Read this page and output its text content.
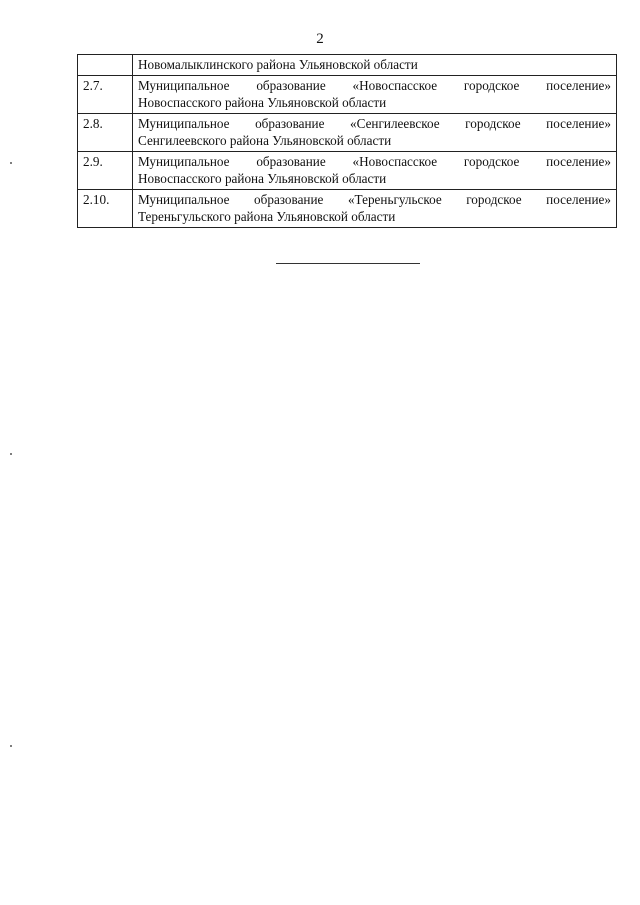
2

	Новомалыклинского района Ульяновской области

2.7.	Муниципальное образование «Новоспасское городское поселение»
Новоспасского района Ульяновской области

2.8.	Муниципальное образование «Сенгилеевское городское поселение»
Сенгилеевского района Ульяновской области

2.9.	Муниципальное образование «Новоспасское городское поселение»
Новоспасского района Ульяновской области

2.10.	Муниципальное образование «Тереньгульское городское поселение»
Тереньгульского района Ульяновской области
